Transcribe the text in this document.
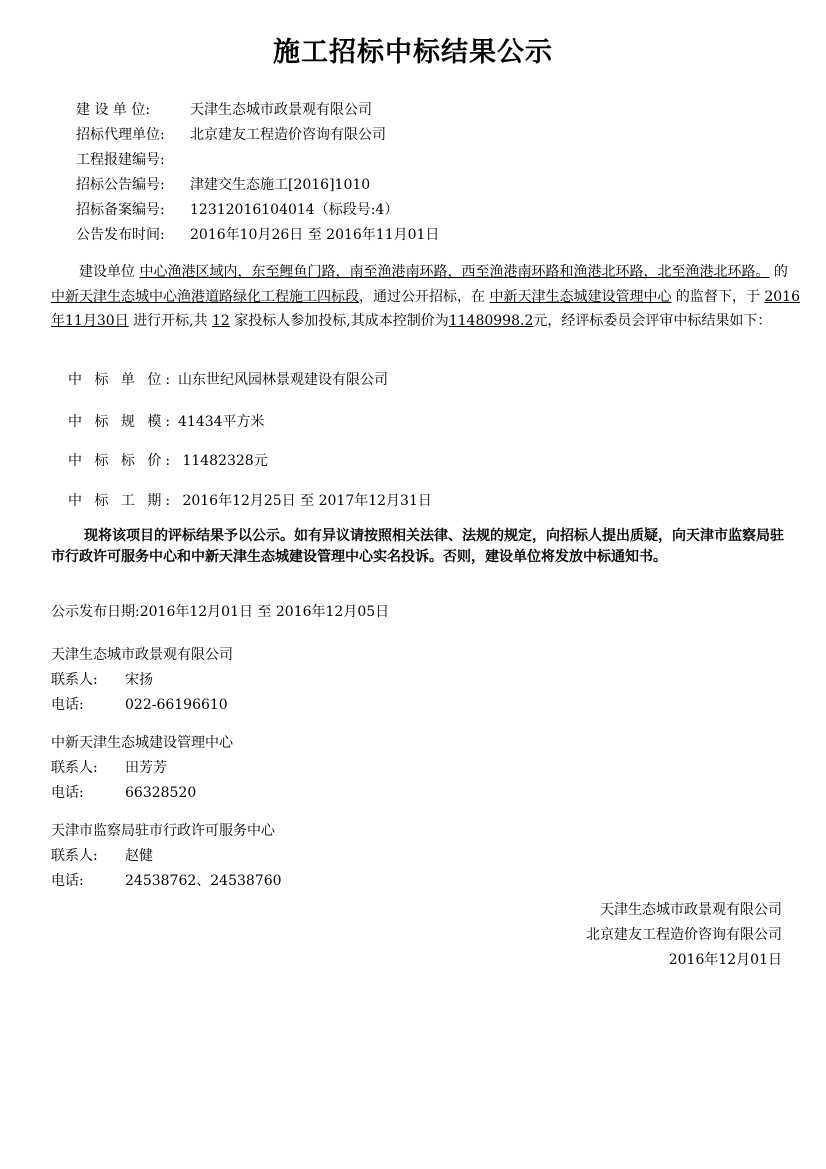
施工招标中标结果公示
建 设 单 位:	天津生态城市政景观有限公司
招标代理单位: 北京建友工程造价咨询有限公司
工程报建编号:
招标公告编号: 津建交生态施工[2016]1010
招标备案编号: 12312016104014（标段号:4）
公告发布时间: 2016年10月26日 至 2016年11月01日
建设单位 中心渔港区域内，东至鲤鱼门路，南至渔港南环路，西至渔港南环路和渔港北环路，北至渔港北环路。 的 中新天津生态城中心渔港道路绿化工程施工四标段，通过公开招标，在 中新天津生态城建设管理中心 的监督下，于 2016年11月30日 进行开标,共 12 家投标人参加投标,其成本控制价为11480998.2元，经评标委员会评审中标结果如下：
中 标 单 位: 山东世纪风园林景观建设有限公司
中 标 规 模: 41434平方米
中 标 标 价: 11482328元
中 标 工 期: 2016年12月25日 至 2017年12月31日
现将该项目的评标结果予以公示。如有异议请按照相关法律、法规的规定，向招标人提出质疑，向天津市监察局驻市行政许可服务中心和中新天津生态城建设管理中心实名投诉。否则，建设单位将发放中标通知书。
公示发布日期:2016年12月01日 至 2016年12月05日
天津生态城市政景观有限公司
联系人: 宋扬
电话:	022-66196610
中新天津生态城建设管理中心
联系人: 田芳芳
电话:	66328520
天津市监察局驻市行政许可服务中心
联系人: 赵健
电话:	24538762、24538760
天津生态城市政景观有限公司
北京建友工程造价咨询有限公司
2016年12月01日
